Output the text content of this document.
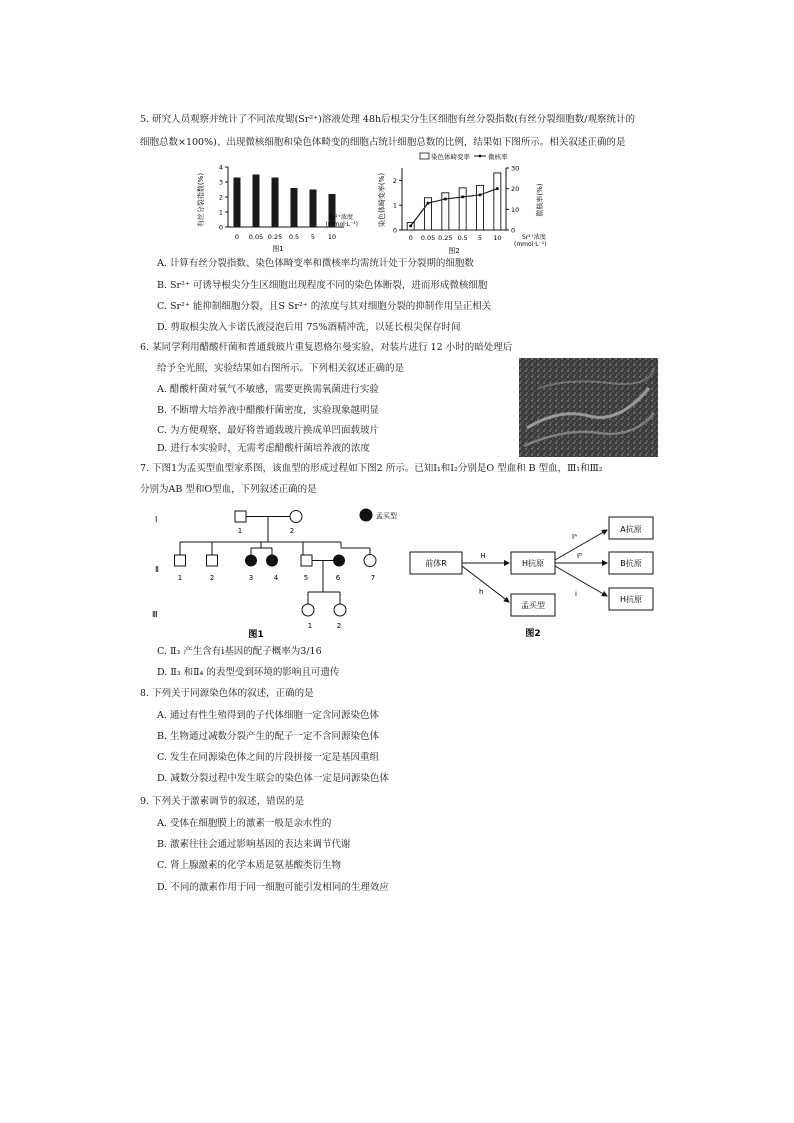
5. 研究人员观察并统计了不同浓度锶(Sr²⁺)溶液处理 48h后根尖分生区细胞有丝分裂指数(有丝分裂细胞数/观察统计的
细胞总数×100%)、出现微核细胞和染色体畸变的细胞占统计细胞总数的比例，结果如下图所示。相关叙述正确的是
有丝分裂指数(%)
0
1
2
3
4
0 0.05 0.25 0.5 5 10
Sr²⁺浓度
(mmol·L⁻¹)
图1
染色体畸变率	微核率
染色体畸变率(%)	微核率(%)
0
1
2
0
10
20
30
0 0.05 0.25 0.5 5 10	Sr²⁺浓度
(mmol·L⁻¹)
图2
A. 计算有丝分裂指数、染色体畸变率和微核率均需统计处于分裂期的细胞数
B. Sr²⁺ 可诱导根尖分生区细胞出现程度不同的染色体断裂，进而形成微核细胞
C. Sr²⁺ 能抑制细胞分裂，且S Sr²⁺ 的浓度与其对细胞分裂的抑制作用呈正相关
D. 剪取根尖放入卡诺氏液浸泡后用 75%酒精冲洗，以延长根尖保存时间
6. 某同学利用醋酸杆菌和普通载玻片重复恩格尔曼实验，对装片进行 12 小时的暗处理后
给予全光照，实验结果如右图所示。下列相关叙述正确的是
A. 醋酸杆菌对氧气不敏感，需要更换需氧菌进行实验
B. 不断增大培养液中醋酸杆菌密度，实验现象越明显
C. 为方便观察，最好将普通载玻片换成单凹面载玻片
D. 进行本实验时，无需考虑醋酸杆菌培养液的浓度
7. 下图1为孟买型血型家系图，该血型的形成过程如下图2 所示。已知Ⅰ₁和Ⅰ₂分别是O 型血和 B 型血，Ⅲ₁和Ⅲ₂
分别为AB 型和O型血，下列叙述正确的是
Ⅰ
Ⅱ
Ⅲ
1	2
孟买型
1	2	3	4	5	6	7
1	2
图1
前体R
H
h
H抗原
孟买型
Iᴬ
Iᴮ
i
A抗原
B抗原
H抗原
图2
C. Ⅱ₃ 产生含有i基因的配子概率为3/16
D. Ⅱ₃ 和Ⅱ₄ 的表型受到环境的影响且可遗传
8. 下列关于同源染色体的叙述，正确的是
A. 通过有性生殖得到的子代体细胞一定含同源染色体
B. 生物通过减数分裂产生的配子一定不含同源染色体
C. 发生在同源染色体之间的片段拼接一定是基因重组
D. 减数分裂过程中发生联会的染色体一定是同源染色体
9. 下列关于激素调节的叙述，错误的是
A. 受体在细胞膜上的激素一般是亲水性的
B. 激素往往会通过影响基因的表达来调节代谢
C. 肾上腺激素的化学本质是氨基酸类衍生物
D. 不同的激素作用于同一细胞可能引发相同的生理效应
